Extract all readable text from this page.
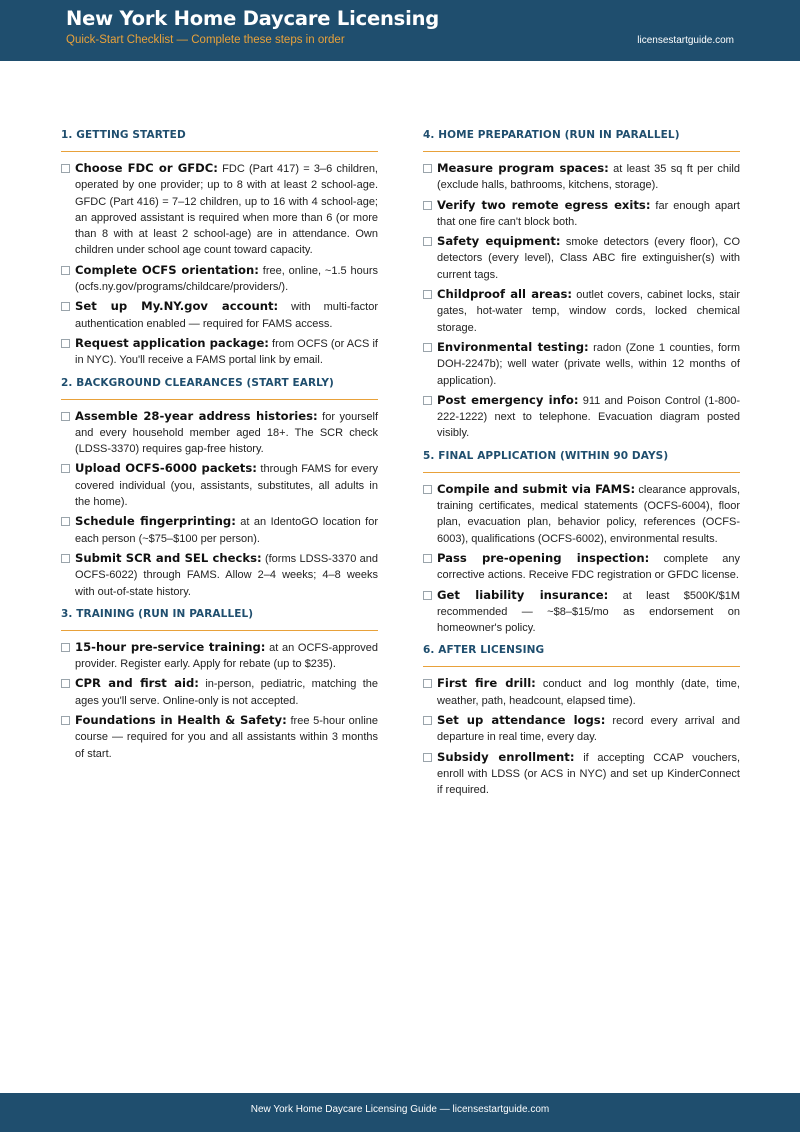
New York Home Daycare Licensing
Quick-Start Checklist — Complete these steps in order	licensestartguide.com
1. GETTING STARTED
Choose FDC or GFDC: FDC (Part 417) = 3–6 children, operated by one provider; up to 8 with at least 2 school-age. GFDC (Part 416) = 7–12 children, up to 16 with 4 school-age; an approved assistant is required when more than 6 (or more than 8 with at least 2 school-age) are in attendance. Own children under school age count toward capacity.
Complete OCFS orientation: free, online, ~1.5 hours (ocfs.ny.gov/programs/childcare/providers/).
Set up My.NY.gov account: with multi-factor authentication enabled — required for FAMS access.
Request application package: from OCFS (or ACS if in NYC). You'll receive a FAMS portal link by email.
2. BACKGROUND CLEARANCES (START EARLY)
Assemble 28-year address histories: for yourself and every household member aged 18+. The SCR check (LDSS-3370) requires gap-free history.
Upload OCFS-6000 packets: through FAMS for every covered individual (you, assistants, substitutes, all adults in the home).
Schedule fingerprinting: at an IdentoGO location for each person (~$75–$100 per person).
Submit SCR and SEL checks: (forms LDSS-3370 and OCFS-6022) through FAMS. Allow 2–4 weeks; 4–8 weeks with out-of-state history.
3. TRAINING (RUN IN PARALLEL)
15-hour pre-service training: at an OCFS-approved provider. Register early. Apply for rebate (up to $235).
CPR and first aid: in-person, pediatric, matching the ages you'll serve. Online-only is not accepted.
Foundations in Health & Safety: free 5-hour online course — required for you and all assistants within 3 months of start.
4. HOME PREPARATION (RUN IN PARALLEL)
Measure program spaces: at least 35 sq ft per child (exclude halls, bathrooms, kitchens, storage).
Verify two remote egress exits: far enough apart that one fire can't block both.
Safety equipment: smoke detectors (every floor), CO detectors (every level), Class ABC fire extinguisher(s) with current tags.
Childproof all areas: outlet covers, cabinet locks, stair gates, hot-water temp, window cords, locked chemical storage.
Environmental testing: radon (Zone 1 counties, form DOH-2247b); well water (private wells, within 12 months of application).
Post emergency info: 911 and Poison Control (1-800-222-1222) next to telephone. Evacuation diagram posted visibly.
5. FINAL APPLICATION (WITHIN 90 DAYS)
Compile and submit via FAMS: clearance approvals, training certificates, medical statements (OCFS-6004), floor plan, evacuation plan, behavior policy, references (OCFS-6003), qualifications (OCFS-6002), environmental results.
Pass pre-opening inspection: complete any corrective actions. Receive FDC registration or GFDC license.
Get liability insurance: at least $500K/$1M recommended — ~$8–$15/mo as endorsement on homeowner's policy.
6. AFTER LICENSING
First fire drill: conduct and log monthly (date, time, weather, path, headcount, elapsed time).
Set up attendance logs: record every arrival and departure in real time, every day.
Subsidy enrollment: if accepting CCAP vouchers, enroll with LDSS (or ACS in NYC) and set up KinderConnect if required.
New York Home Daycare Licensing Guide — licensestartguide.com
